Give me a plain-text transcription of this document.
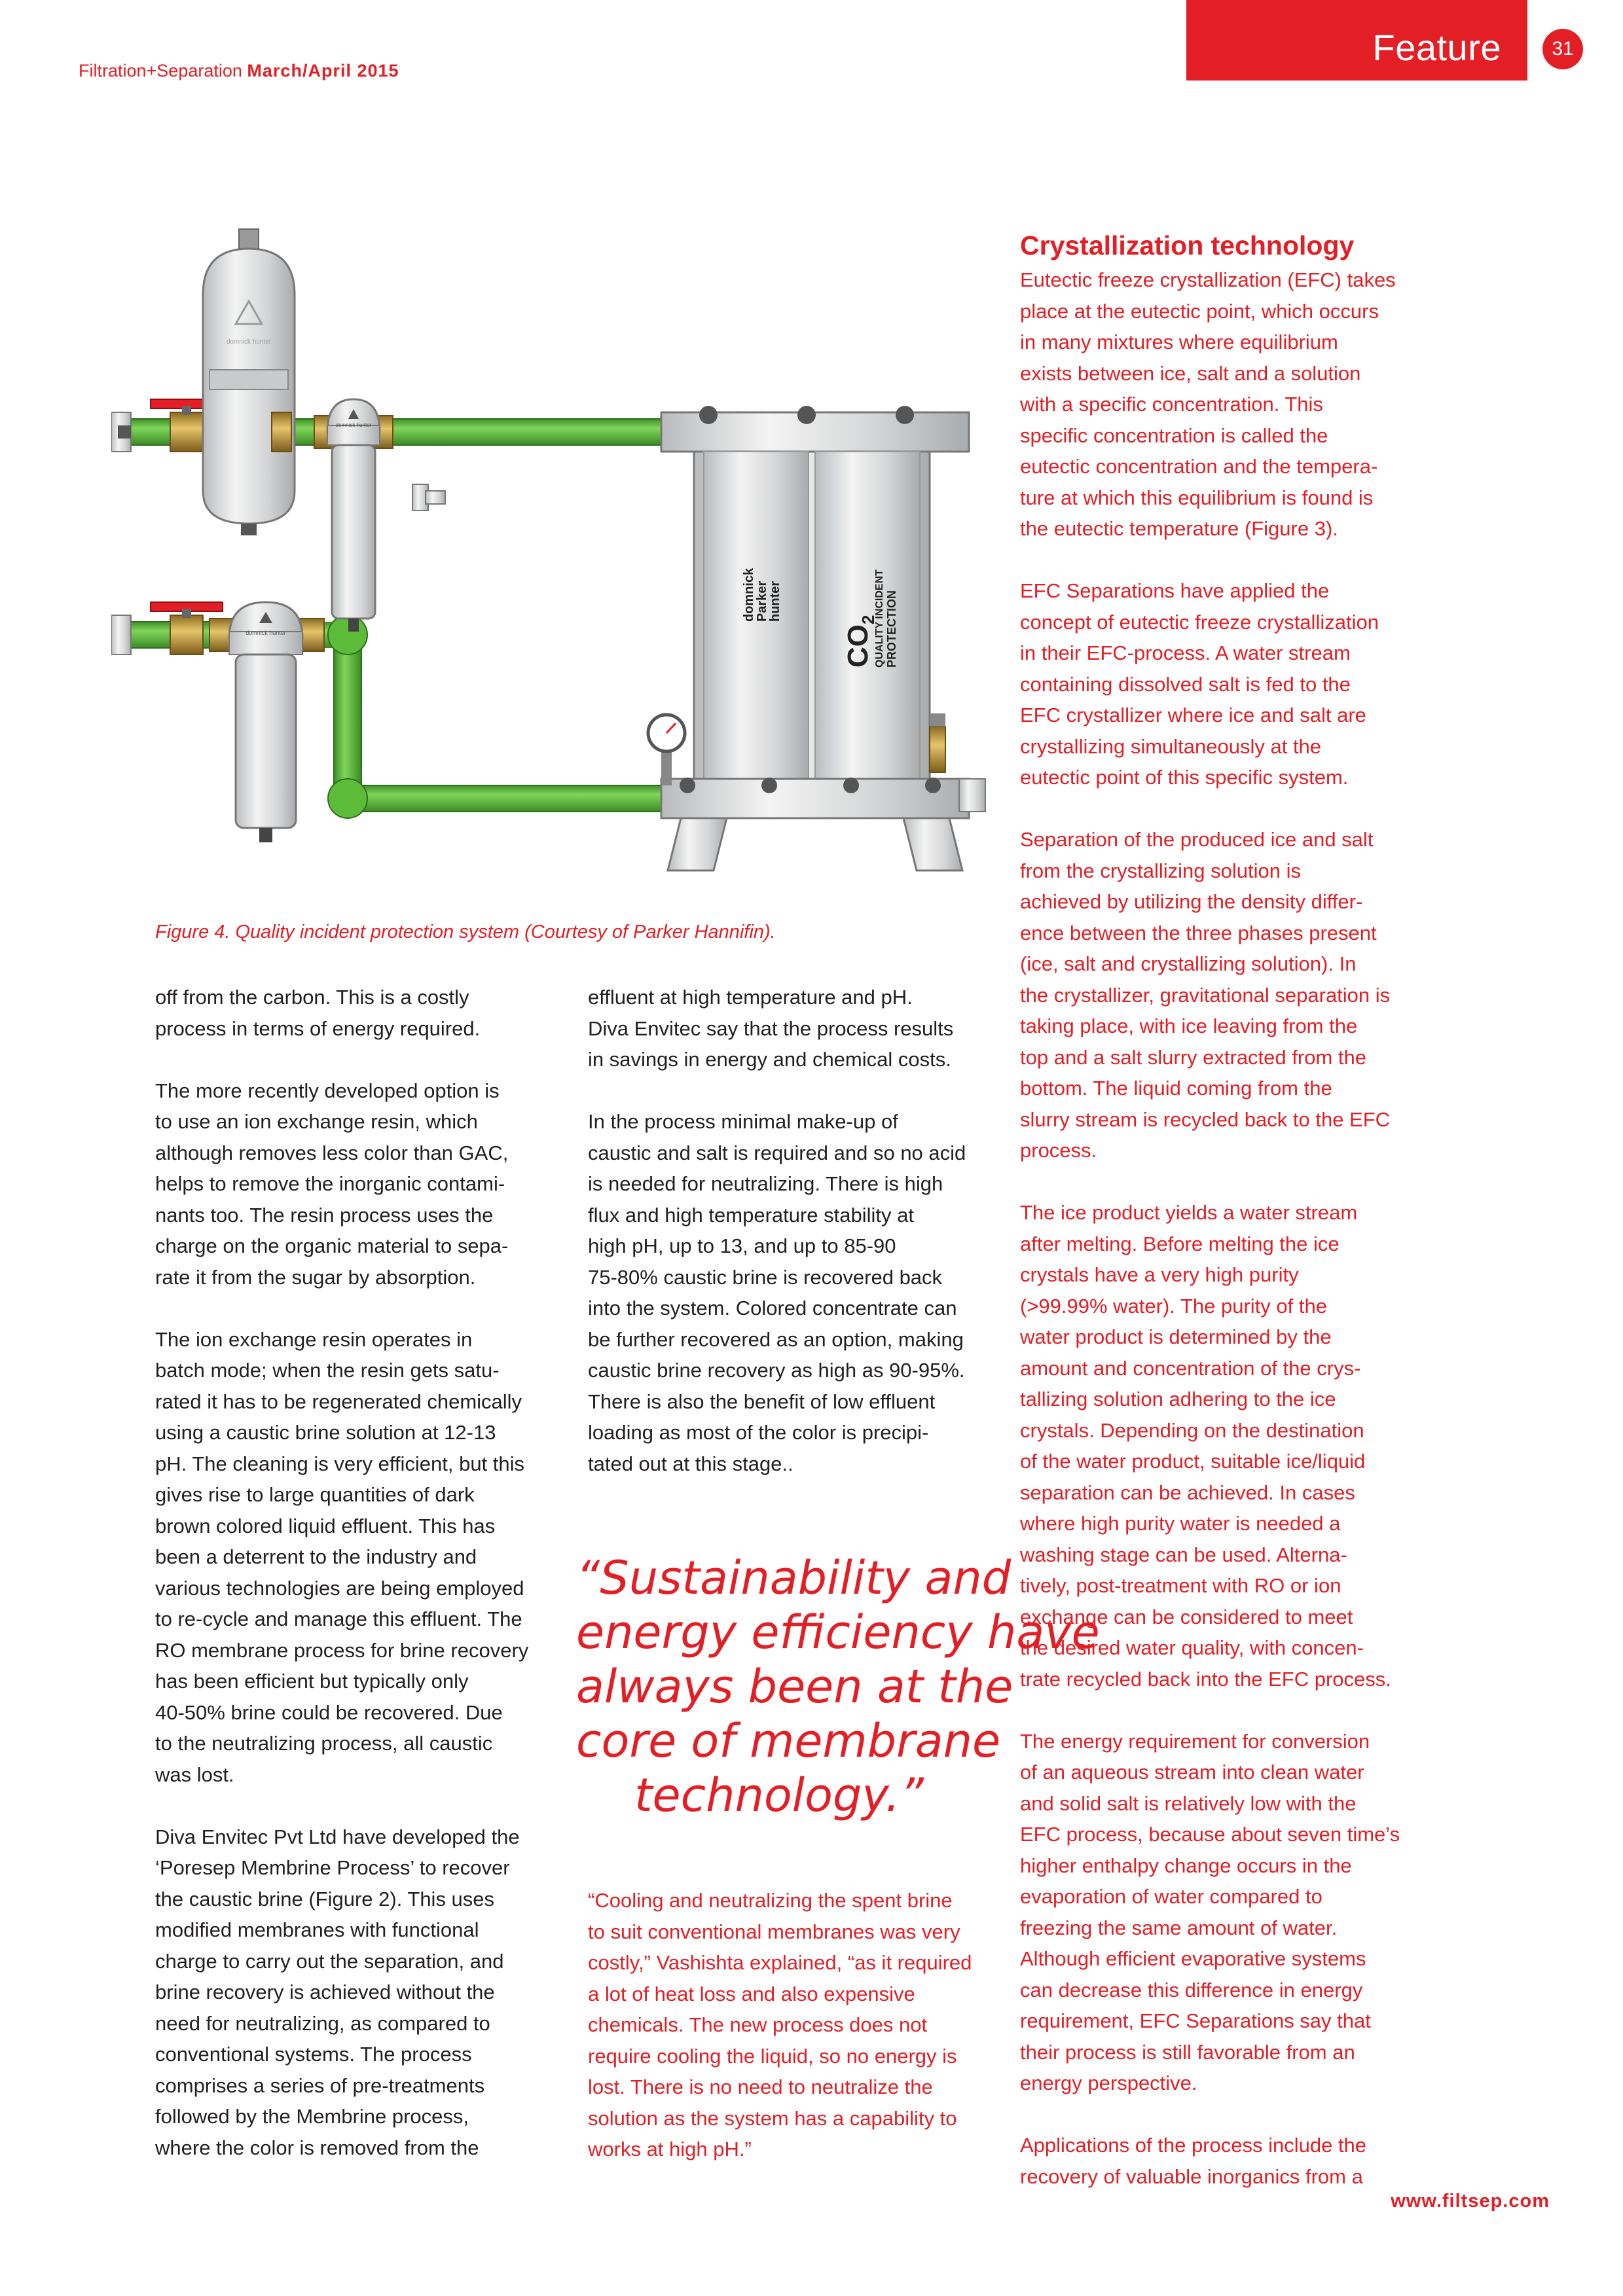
Feature	31
Filtration+Separation March/April 2015
domnick hunter
domnick hunter
domnick hunter
domnick
Parker
hunter
$CO_2$
QUALITY INCIDENT PROTECTION
Figure 4. Quality incident protection system (Courtesy of Parker Hannifin).

off from the carbon. This is a costly
process in terms of energy required.

The more recently developed option is
to use an ion exchange resin, which
although removes less color than GAC,
helps to remove the inorganic contami-
nants too. The resin process uses the
charge on the organic material to sepa-
rate it from the sugar by absorption.

The ion exchange resin operates in
batch mode; when the resin gets satu-
rated it has to be regenerated chemically
using a caustic brine solution at 12-13
pH. The cleaning is very efficient, but this
gives rise to large quantities of dark
brown colored liquid effluent. This has
been a deterrent to the industry and
various technologies are being employed
to re-cycle and manage this effluent. The
RO membrane process for brine recovery
has been efficient but typically only
40-50% brine could be recovered. Due
to the neutralizing process, all caustic
was lost.

Diva Envitec Pvt Ltd have developed the
‘Poresep Membrine Process’ to recover
the caustic brine (Figure 2). This uses
modified membranes with functional
charge to carry out the separation, and
brine recovery is achieved without the
need for neutralizing, as compared to
conventional systems. The process
comprises a series of pre-treatments
followed by the Membrine process,
where the color is removed from the

effluent at high temperature and pH.
Diva Envitec say that the process results
in savings in energy and chemical costs.

In the process minimal make-up of
caustic and salt is required and so no acid
is needed for neutralizing. There is high
flux and high temperature stability at
high pH, up to 13, and up to 85-90
75-80% caustic brine is recovered back
into the system. Colored concentrate can
be further recovered as an option, making
caustic brine recovery as high as 90-95%.
There is also the benefit of low effluent
loading as most of the color is precipi-
tated out at this stage..

“Cooling and neutralizing the spent brine
to suit conventional membranes was very
costly,” Vashishta explained, “as it required
a lot of heat loss and also expensive
chemicals. The new process does not
require cooling the liquid, so no energy is
lost. There is no need to neutralize the
solution as the system has a capability to
works at high pH.”

Crystallization technology

Eutectic freeze crystallization (EFC) takes
place at the eutectic point, which occurs
in many mixtures where equilibrium
exists between ice, salt and a solution
with a specific concentration. This
specific concentration is called the
eutectic concentration and the tempera-
ture at which this equilibrium is found is
the eutectic temperature (Figure 3).

EFC Separations have applied the
concept of eutectic freeze crystallization
in their EFC-process. A water stream
containing dissolved salt is fed to the
EFC crystallizer where ice and salt are
crystallizing simultaneously at the
eutectic point of this specific system.

Separation of the produced ice and salt
from the crystallizing solution is
achieved by utilizing the density differ-
ence between the three phases present
(ice, salt and crystallizing solution). In
the crystallizer, gravitational separation is
taking place, with ice leaving from the
top and a salt slurry extracted from the
bottom. The liquid coming from the
slurry stream is recycled back to the EFC
process.

The ice product yields a water stream
after melting. Before melting the ice
crystals have a very high purity
(>99.99% water). The purity of the
water product is determined by the
amount and concentration of the crys-
tallizing solution adhering to the ice
crystals. Depending on the destination
of the water product, suitable ice/liquid
separation can be achieved. In cases
where high purity water is needed a
washing stage can be used. Alterna-
tively, post-treatment with RO or ion
exchange can be considered to meet
the desired water quality, with concen-
trate recycled back into the EFC process.

The energy requirement for conversion
of an aqueous stream into clean water
and solid salt is relatively low with the
EFC process, because about seven time’s
higher enthalpy change occurs in the
evaporation of water compared to
freezing the same amount of water.
Although efficient evaporative systems
can decrease this difference in energy
requirement, EFC Separations say that
their process is still favorable from an
energy perspective.

Applications of the process include the
recovery of valuable inorganics from a

“Sustainability and
energy efficiency have
always been at the
core of membrane
technology.”
www.filtsep.com
